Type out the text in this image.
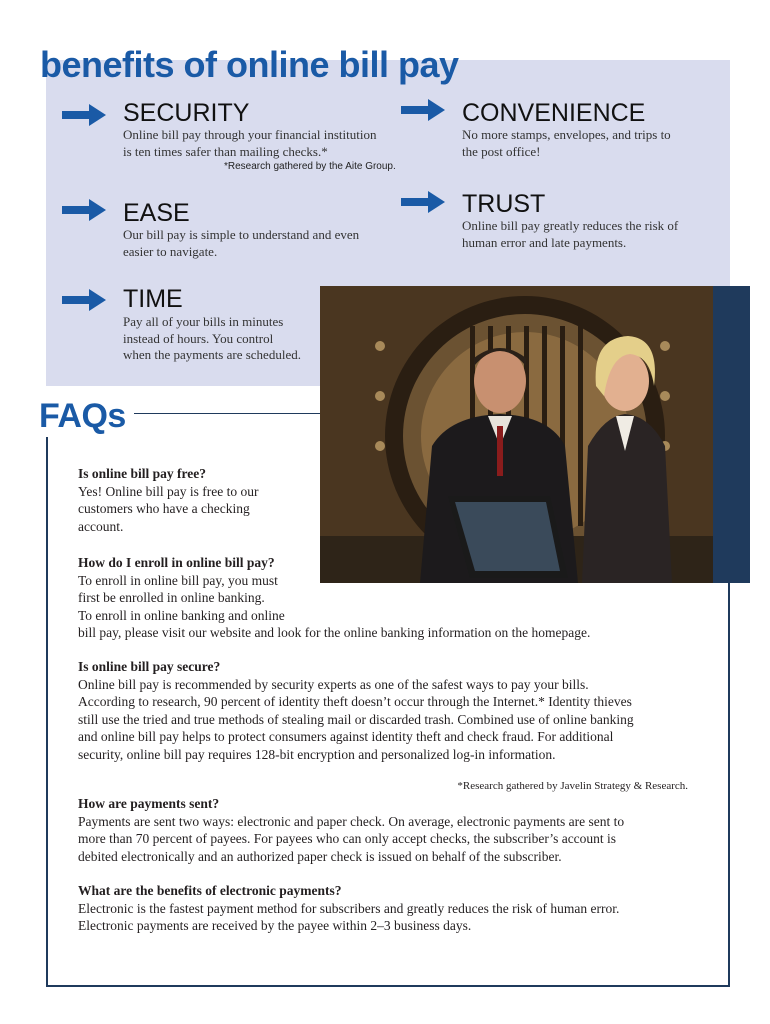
benefits of online bill pay
SECURITY
Online bill pay through your financial institution
is ten times safer than mailing checks.*
*Research gathered by the Aite Group.
CONVENIENCE
No more stamps, envelopes, and trips to
the post office!
EASE
Our bill pay is simple to understand and even
easier to navigate.
TRUST
Online bill pay greatly reduces the risk of
human error and late payments.
TIME
Pay all of your bills in minutes
instead of hours. You control
when the payments are scheduled.
FAQs

Is online bill pay free?

Yes! Online bill pay is free to our
customers who have a checking
account.

How do I enroll in online bill pay?

To enroll in online bill pay, you must
first be enrolled in online banking.
To enroll in online banking and online
bill pay, please visit our website and look for the online banking information on the homepage.

Is online bill pay secure?

Online bill pay is recommended by security experts as one of the safest ways to pay your bills.
According to research, 90 percent of identity theft doesn’t occur through the Internet.* Identity thieves
still use the tried and true methods of stealing mail or discarded trash. Combined use of online banking
and online bill pay helps to protect consumers against identity theft and check fraud. For additional
security, online bill pay requires 128-bit encryption and personalized log-in information.

*Research gathered by Javelin Strategy & Research.

How are payments sent?

Payments are sent two ways: electronic and paper check. On average, electronic payments are sent to
more than 70 percent of payees. For payees who can only accept checks, the subscriber’s account is
debited electronically and an authorized paper check is issued on behalf of the subscriber.

What are the benefits of electronic payments?

Electronic is the fastest payment method for subscribers and greatly reduces the risk of human error.
Electronic payments are received by the payee within 2–3 business days.
